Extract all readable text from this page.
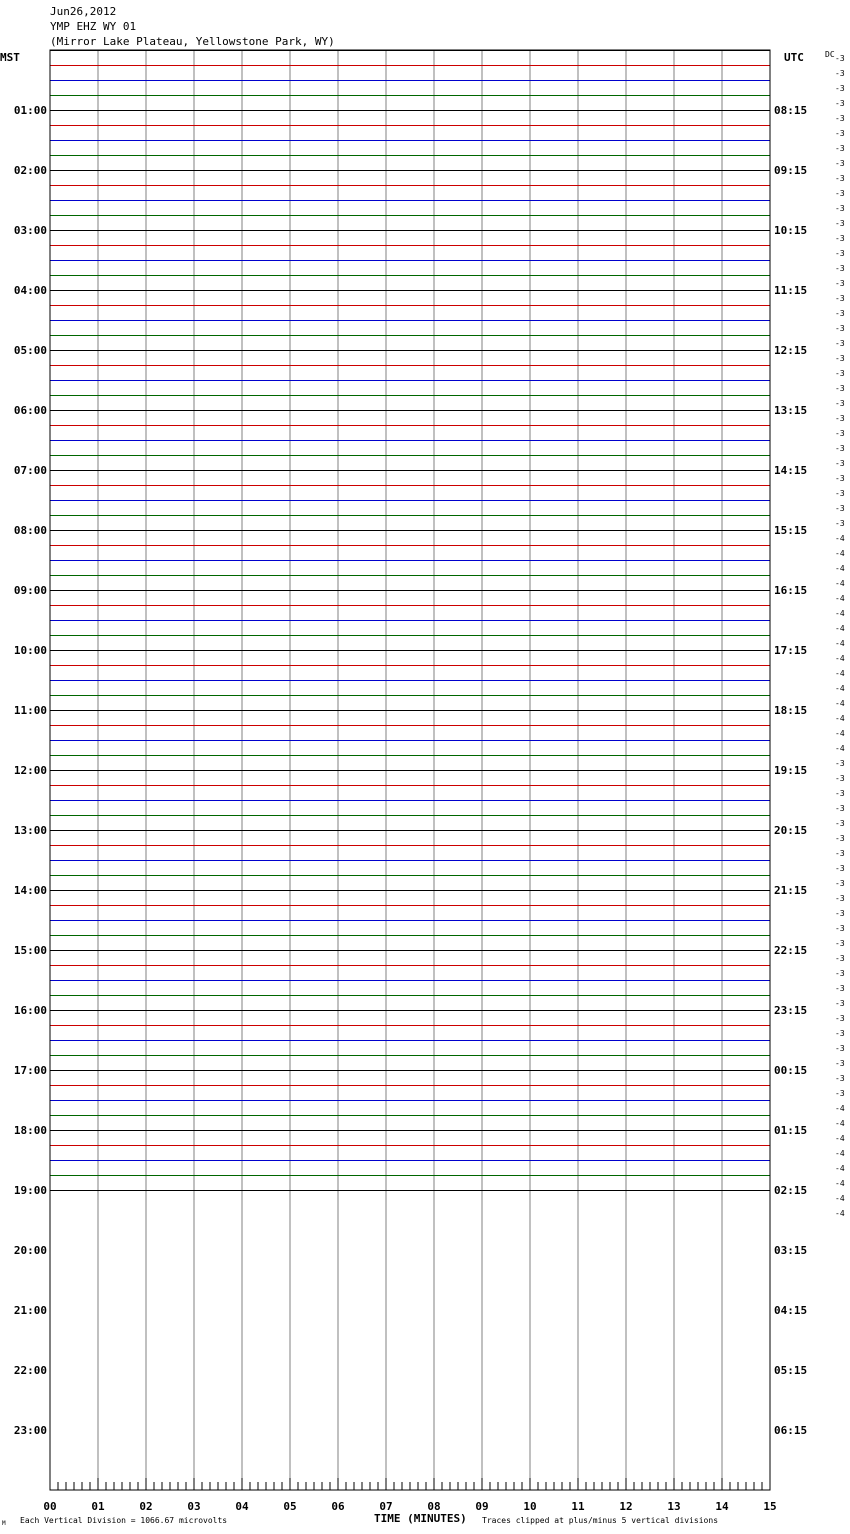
Jun26,2012
YMP EHZ WY 01
(Mirror Lake Plateau, Yellowstone Park, WY)
MST	UTC	DC
01:00
02:00
03:00
04:00
05:00
06:00
07:00
08:00
09:00
10:00
11:00
12:00
13:00
14:00
15:00
16:00
17:00
18:00
19:00
20:00
21:00
22:00
23:00
08:15
09:15
10:15
11:15
12:15
13:15
14:15
15:15
16:15
17:15
18:15
19:15
20:15
21:15
22:15
23:15
00:15
01:15
02:15
03:15
04:15
05:15
06:15
-3
-3
-3
-3
-3
-3
-3
-3
-3
-3
-3
-3
-3
-3
-3
-3
-3
-3
-3
-3
-3
-3
-3
-3
-3
-3
-3
-3
-3
-3
-3
-3
-4
-4
-4
-4
-4
-4
-4
-4
-4
-4
-4
-4
-4
-4
-4
-3
-3
-3
-3
-3
-3
-3
-3
-3
-3
-3
-3
-3
-3
-3
-3
-3
-3
-3
-3
-3
-3
-3
-4
-4
-4
-4
-4
-4
-4
-4
00	01	02	03	04	05	06	07	08	09	10	11	12	13	14	15
M Each Vertical Division = 1066.67 microvolts	TIME (MINUTES) Traces clipped at plus/minus 5 vertical divisions
